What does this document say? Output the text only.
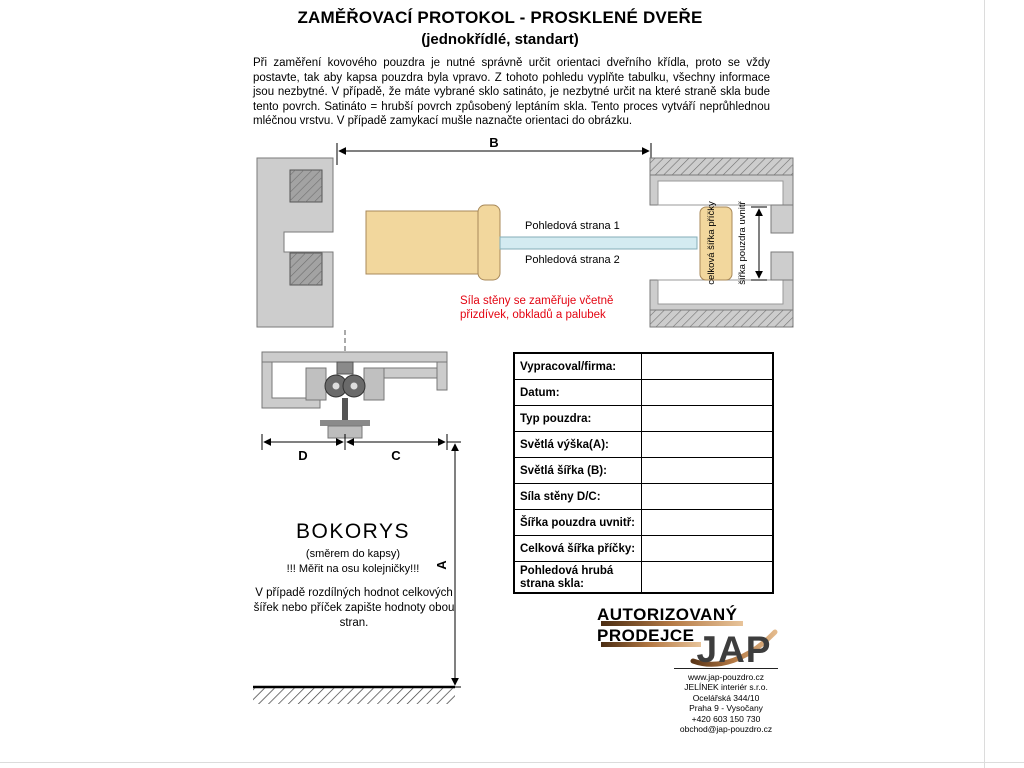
ZAMĚŘOVACÍ PROTOKOL - PROSKLENÉ DVEŘE
(jednokřídlé, standart)

Při zaměření kovového pouzdra je nutné správně určit orientaci dveřního křídla, proto se vždy postavte, tak aby kapsa pouzdra byla vpravo. Z tohoto pohledu vyplňte tabulku, všechny informace jsou nezbytné. V případě, že máte vybrané sklo satináto, je nezbytné určit na které straně skla bude tento povrch. Satináto = hrubší povrch způsobený leptáním skla. Tento proces vytváří neprůhlednou mléčnou vrstvu. V případě zamykací mušle naznačte orientaci do obrázku.

B
Pohledová strana 1
Pohledová strana 2	celková šířka příčky šířka pouzdra uvnitř
Síla stěny se zaměřuje včetně
přizdívek, obkladů a palubek
D	C
A
BOKORYS
(směrem do kapsy)
!!! Měřit na osu kolejničky!!!
V případě rozdílných hodnot celkových šířek nebo příček zapište hodnoty obou stran.
Vypracoval/firma:
Datum:
Typ pouzdra:
Světlá výška(A):
Světlá šířka (B):
Síla stěny D/C:
Šířka pouzdra uvnitř:
Celková šířka příčky:
Pohledová hrubá strana skla:
AUTORIZOVANÝ
PRODEJCE JAP
www.jap-pouzdro.cz
JELÍNEK interiér s.r.o.
Ocelářská 344/10
Praha 9 - Vysočany
+420 603 150 730
obchod@jap-pouzdro.cz
